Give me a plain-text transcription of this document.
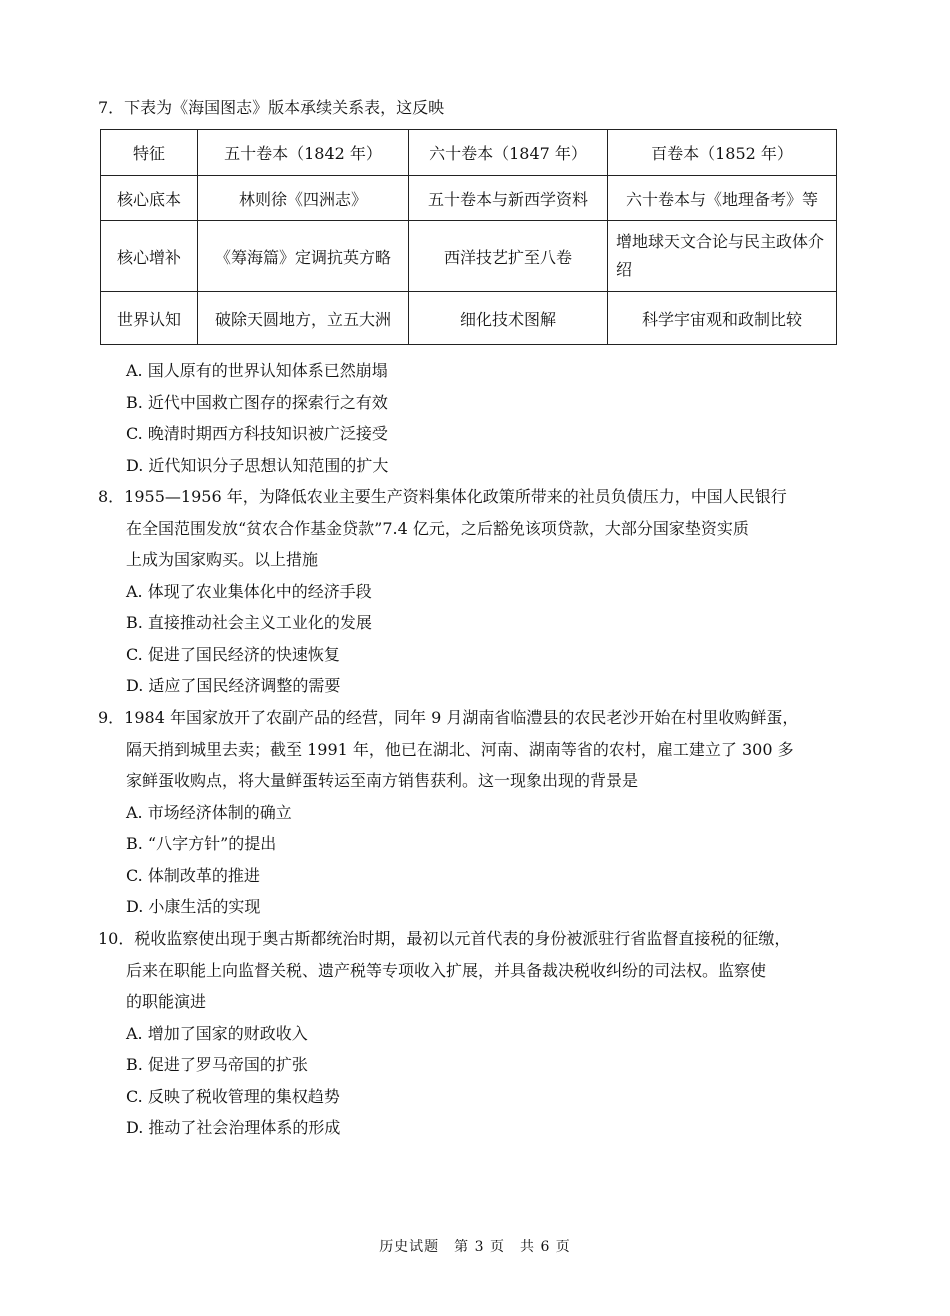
7．下表为《海国图志》版本承续关系表，这反映
特征	五十卷本（1842 年）	六十卷本（1847 年）	百卷本（1852 年）
核心底本	林则徐《四洲志》	五十卷本与新西学资料	六十卷本与《地理备考》等
核心增补	《筹海篇》定调抗英方略	西洋技艺扩至八卷	增地球天文合论与民主政体介绍
世界认知	破除天圆地方，立五大洲	细化技术图解	科学宇宙观和政制比较
A. 国人原有的世界认知体系已然崩塌
B. 近代中国救亡图存的探索行之有效
C. 晚清时期西方科技知识被广泛接受
D. 近代知识分子思想认知范围的扩大
8．1955—1956 年，为降低农业主要生产资料集体化政策所带来的社员负债压力，中国人民银行
在全国范围发放“贫农合作基金贷款”7.4 亿元，之后豁免该项贷款，大部分国家垫资实质
上成为国家购买。以上措施
A. 体现了农业集体化中的经济手段
B. 直接推动社会主义工业化的发展
C. 促进了国民经济的快速恢复
D. 适应了国民经济调整的需要
9．1984 年国家放开了农副产品的经营，同年 9 月湖南省临澧县的农民老沙开始在村里收购鲜蛋，
隔天捎到城里去卖；截至 1991 年，他已在湖北、河南、湖南等省的农村，雇工建立了 300 多
家鲜蛋收购点，将大量鲜蛋转运至南方销售获利。这一现象出现的背景是
A. 市场经济体制的确立
B. “八字方针”的提出
C. 体制改革的推进
D. 小康生活的实现
10．税收监察使出现于奥古斯都统治时期，最初以元首代表的身份被派驻行省监督直接税的征缴，
后来在职能上向监督关税、遗产税等专项收入扩展，并具备裁决税收纠纷的司法权。监察使
的职能演进
A. 增加了国家的财政收入
B. 促进了罗马帝国的扩张
C. 反映了税收管理的集权趋势
D. 推动了社会治理体系的形成
历史试题　第 3 页　共 6 页
